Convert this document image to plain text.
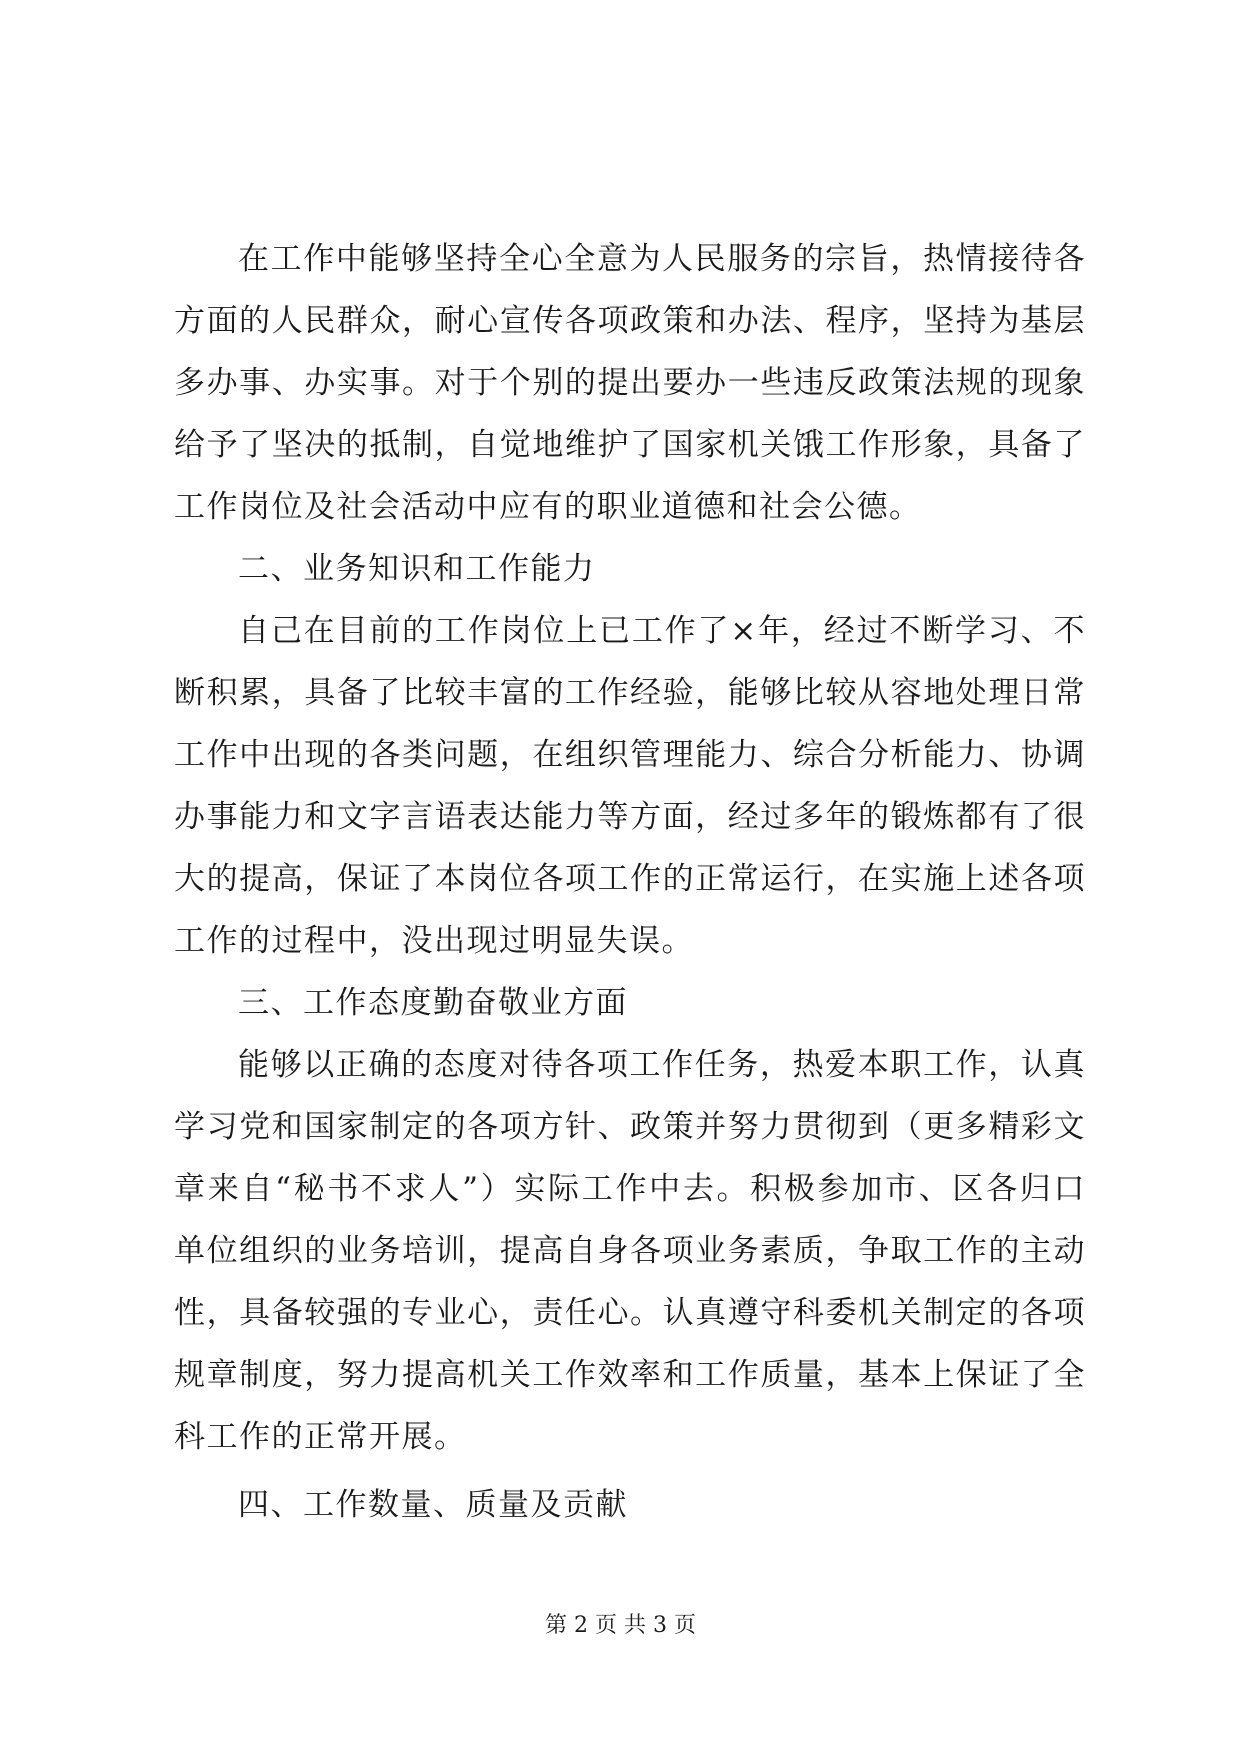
在工作中能够坚持全心全意为人民服务的宗旨，热情接待各方面的人民群众，耐心宣传各项政策和办法、程序，坚持为基层多办事、办实事。对于个别的提出要办一些违反政策法规的现象给予了坚决的抵制，自觉地维护了国家机关饿工作形象，具备了工作岗位及社会活动中应有的职业道德和社会公德。

二、业务知识和工作能力

自己在目前的工作岗位上已工作了×年，经过不断学习、不断积累，具备了比较丰富的工作经验，能够比较从容地处理日常工作中出现的各类问题，在组织管理能力、综合分析能力、协调办事能力和文字言语表达能力等方面，经过多年的锻炼都有了很大的提高，保证了本岗位各项工作的正常运行，在实施上述各项工作的过程中，没出现过明显失误。

三、工作态度勤奋敬业方面

能够以正确的态度对待各项工作任务，热爱本职工作，认真　　学习党和国家制定的各项方针、政策并努力贯彻到（更多精彩文章来自“秘书不求人”）实际工作中去。积极参加市、区各归口单位组织的业务培训，提高自身各项业务素质，争取工作的主动性，具备较强的专业心，责任心。认真遵守科委机关制定的各项规章制度，努力提高机关工作效率和工作质量，基本上保证了全科工作的正常开展。

四、工作数量、质量及贡献

第 2 页 共 3 页
